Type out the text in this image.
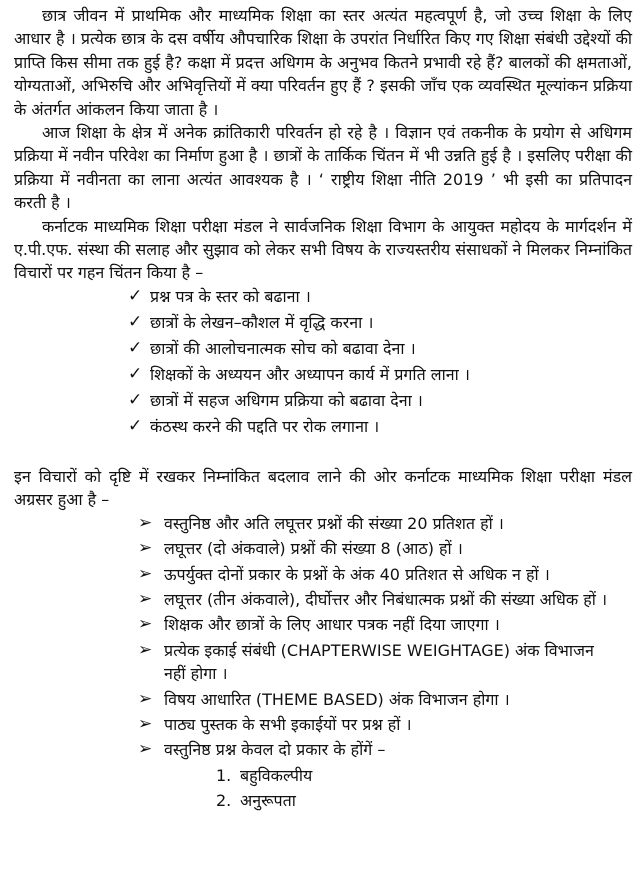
छात्र जीवन में प्राथमिक और माध्यमिक शिक्षा का स्तर अत्यंत महत्वपूर्ण है, जो उच्च शिक्षा के लिए आधार है । प्रत्येक छात्र के दस वर्षीय औपचारिक शिक्षा के उपरांत निर्धारित किए गए शिक्षा संबंधी उद्देश्यों की प्राप्ति किस सीमा तक हुई है? कक्षा में प्रदत्त अधिगम के अनुभव कितने प्रभावी रहे हैं? बालकों की क्षमताओं, योग्यताओं, अभिरुचि और अभिवृत्तियों में क्या परिवर्तन हुए हैं ? इसकी जाँच एक व्यवस्थित मूल्यांकन प्रक्रिया के अंतर्गत आंकलन किया जाता है ।

आज शिक्षा के क्षेत्र में अनेक क्रांतिकारी परिवर्तन हो रहे है । विज्ञान एवं तकनीक के प्रयोग से अधिगम प्रक्रिया में नवीन परिवेश का निर्माण हुआ है । छात्रों के तार्किक चिंतन में भी उन्नति हुई है । इसलिए परीक्षा की प्रक्रिया में नवीनता का लाना अत्यंत आवश्यक है । ‘ राष्ट्रीय शिक्षा नीति 2019 ’ भी इसी का प्रतिपादन करती है ।

कर्नाटक माध्यमिक शिक्षा परीक्षा मंडल ने सार्वजनिक शिक्षा विभाग के आयुक्त महोदय के मार्गदर्शन में ए.पी.एफ. संस्था की सलाह और सुझाव को लेकर सभी विषय के राज्यस्तरीय संसाधकों ने मिलकर निम्नांकित विचारों पर गहन चिंतन किया है –

✓ प्रश्न पत्र के स्तर को बढाना ।
✓ छात्रों के लेखन–कौशल में वृद्धि करना ।
✓ छात्रों की आलोचनात्मक सोच को बढावा देना ।
✓ शिक्षकों के अध्ययन और अध्यापन कार्य में प्रगति लाना ।
✓ छात्रों में सहज अधिगम प्रक्रिया को बढावा देना ।
✓ कंठस्थ करने की पद्दति पर रोक लगाना ।

इन विचारों को दृष्टि में रखकर निम्नांकित बदलाव लाने की ओर कर्नाटक माध्यमिक शिक्षा परीक्षा मंडल अग्रसर हुआ है –

➢ वस्तुनिष्ठ और अति लघूत्तर प्रश्नों की संख्या 20 प्रतिशत हों ।
➢ लघूत्तर (दो अंकवाले) प्रश्नों की संख्या 8 (आठ) हों ।
➢ ऊपर्युक्त दोनों प्रकार के प्रश्नों के अंक 40 प्रतिशत से अधिक न हों ।
➢ लघूत्तर (तीन अंकवाले), दीर्घोत्तर और निबंधात्मक प्रश्नों की संख्या अधिक हों ।
➢ शिक्षक और छात्रों के लिए आधार पत्रक नहीं दिया जाएगा ।
➢ प्रत्येक इकाई संबंधी (CHAPTERWISE WEIGHTAGE) अंक विभाजन नहीं होगा ।
➢ विषय आधारित (THEME BASED) अंक विभाजन होगा ।
➢ पाठ्य पुस्तक के सभी इकाईयों पर प्रश्न हों ।
➢ वस्तुनिष्ठ प्रश्न केवल दो प्रकार के होंगें –
1. बहुविकल्पीय
2. अनुरूपता
